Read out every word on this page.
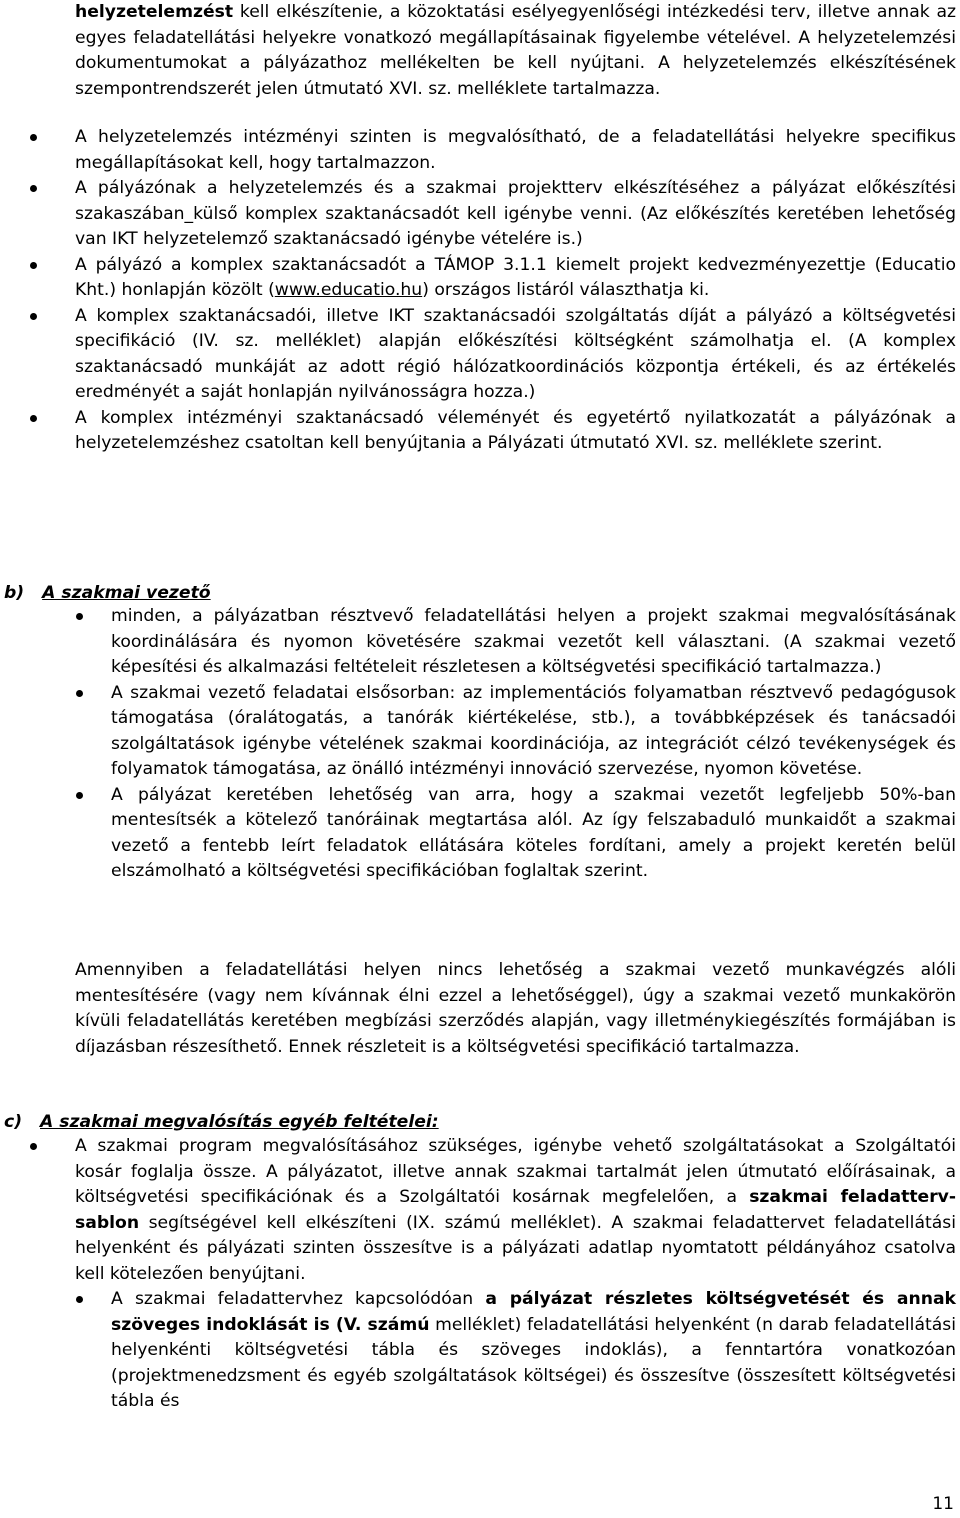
helyzetelemzést kell elkészítenie, a közoktatási esélyegyenlőségi intézkedési terv, illetve annak az egyes feladatellátási helyekre vonatkozó megállapításainak figyelembe vételével. A helyzetelemzési dokumentumokat a pályázathoz mellékelten be kell nyújtani. A helyzetelemzés elkészítésének szempontrendszerét jelen útmutató XVI. sz. melléklete tartalmazza.

A helyzetelemzés intézményi szinten is megvalósítható, de a feladatellátási helyekre specifikus megállapításokat kell, hogy tartalmazzon.

A pályázónak a helyzetelemzés és a szakmai projektterv elkészítéséhez a pályázat előkészítési szakaszában_külső komplex szaktanácsadót kell igénybe venni. (Az előkészítés keretében lehetőség van IKT helyzetelemző szaktanácsadó igénybe vételére is.)

A pályázó a komplex szaktanácsadót a TÁMOP 3.1.1 kiemelt projekt kedvezményezettje (Educatio Kht.) honlapján közölt (www.educatio.hu) országos listáról választhatja ki.

A komplex szaktanácsadói, illetve IKT szaktanácsadói szolgáltatás díját a pályázó a költségvetési specifikáció (IV. sz. melléklet) alapján előkészítési költségként számolhatja el. (A komplex szaktanácsadó munkáját az adott régió hálózatkoordinációs központja értékeli, és az értékelés eredményét a saját honlapján nyilvánosságra hozza.)

A komplex intézményi szaktanácsadó véleményét és egyetértő nyilatkozatát a pályázónak a helyzetelemzéshez csatoltan kell benyújtania a Pályázati útmutató XVI. sz. melléklete szerint.

b) A szakmai vezető

minden, a pályázatban résztvevő feladatellátási helyen a projekt szakmai megvalósításának koordinálására és nyomon követésére szakmai vezetőt kell választani. (A szakmai vezető képesítési és alkalmazási feltételeit részletesen a költségvetési specifikáció tartalmazza.)

A szakmai vezető feladatai elsősorban: az implementációs folyamatban résztvevő pedagógusok támogatása (óralátogatás, a tanórák kiértékelése, stb.), a továbbképzések és tanácsadói szolgáltatások igénybe vételének szakmai koordinációja, az integrációt célzó tevékenységek és folyamatok támogatása, az önálló intézményi innováció szervezése, nyomon követése.

A pályázat keretében lehetőség van arra, hogy a szakmai vezetőt legfeljebb 50%-ban mentesítsék a kötelező tanóráinak megtartása alól. Az így felszabaduló munkaidőt a szakmai vezető a fentebb leírt feladatok ellátására köteles fordítani, amely a projekt keretén belül elszámolható a költségvetési specifikációban foglaltak szerint.

Amennyiben a feladatellátási helyen nincs lehetőség a szakmai vezető munkavégzés alóli mentesítésére (vagy nem kívánnak élni ezzel a lehetőséggel), úgy a szakmai vezető munkakörön kívüli feladatellátás keretében megbízási szerződés alapján, vagy illetménykiegészítés formájában is díjazásban részesíthető. Ennek részleteit is a költségvetési specifikáció tartalmazza.

c) A szakmai megvalósítás egyéb feltételei:

A szakmai program megvalósításához szükséges, igénybe vehető szolgáltatásokat a Szolgáltatói kosár foglalja össze. A pályázatot, illetve annak szakmai tartalmát jelen útmutató előírásainak, a költségvetési specifikációnak és a Szolgáltatói kosárnak megfelelően, a szakmai feladatterv-sablon segítségével kell elkészíteni (IX. számú melléklet). A szakmai feladattervet feladatellátási helyenként és pályázati szinten összesítve is a pályázati adatlap nyomtatott példányához csatolva kell kötelezően benyújtani.

A szakmai feladattervhez kapcsolódóan a pályázat részletes költségvetését és annak szöveges indoklását is (V. számú melléklet) feladatellátási helyenként (n darab feladatellátási helyenkénti költségvetési tábla és szöveges indoklás), a fenntartóra vonatkozóan (projektmenedzsment és egyéb szolgáltatások költségei) és összesítve (összesített költségvetési tábla és

11
